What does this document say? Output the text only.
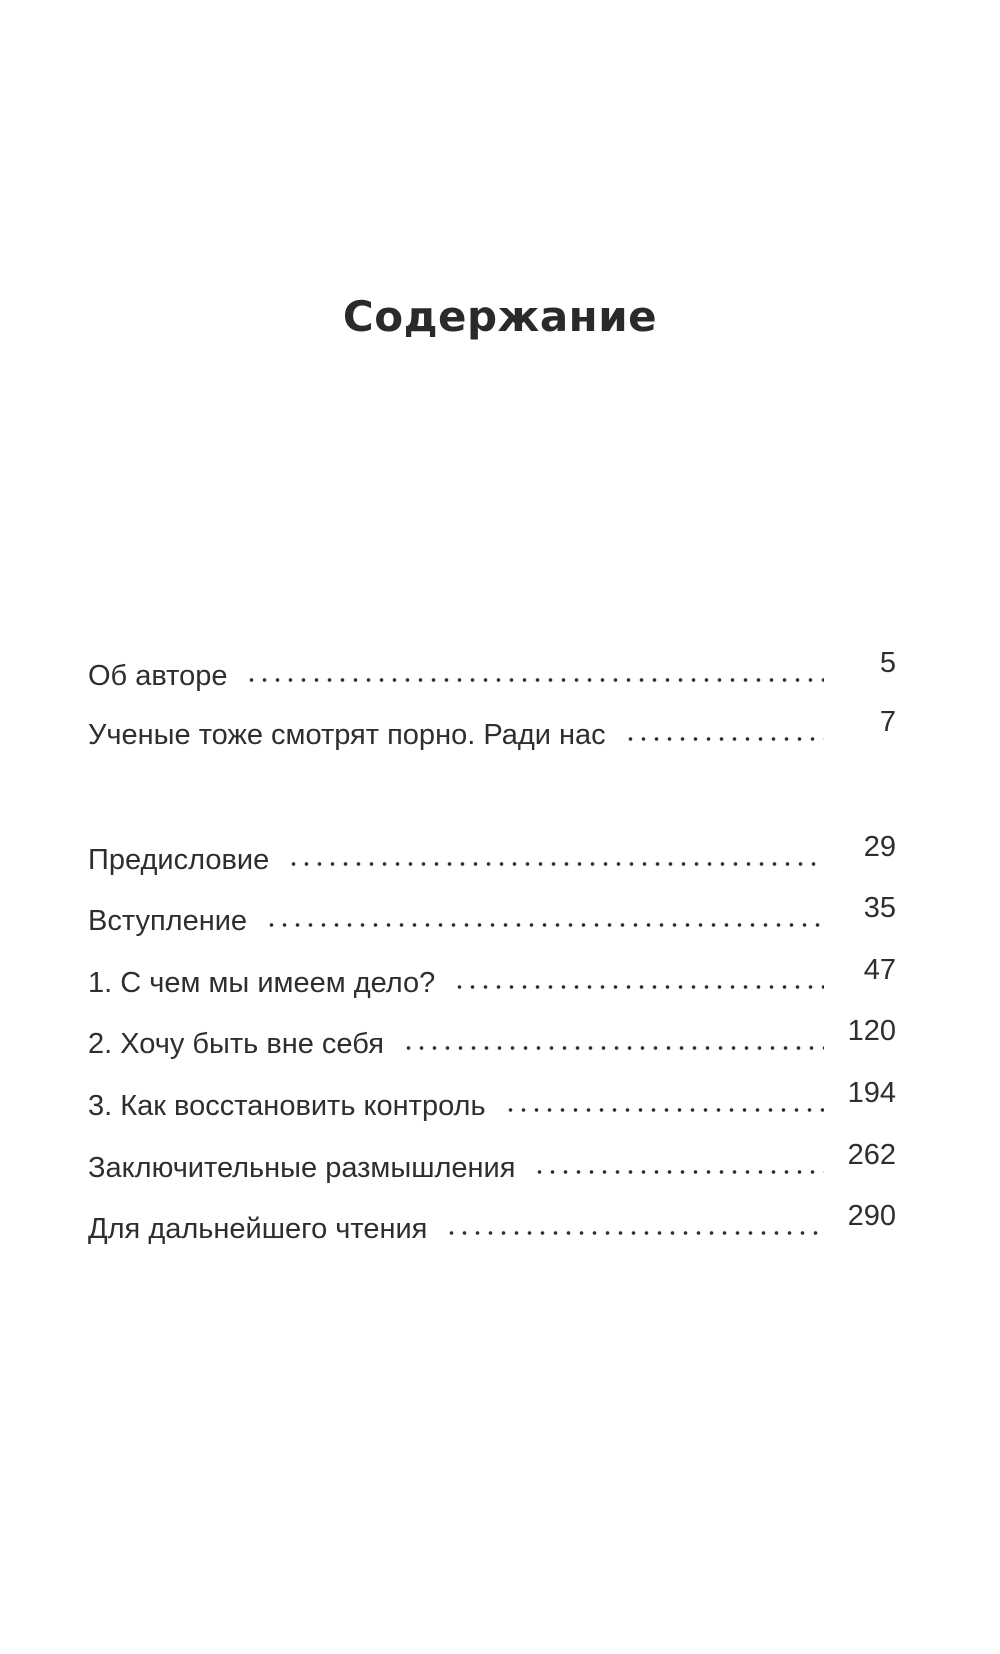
Содержание
Об авторе	5
Ученые тоже смотрят порно. Ради нас	7
Предисловие	29
Вступление	35
1. С чем мы имеем дело?	47
2. Хочу быть вне себя	120
3. Как восстановить контроль	194
Заключительные размышления	262
Для дальнейшего чтения	290
